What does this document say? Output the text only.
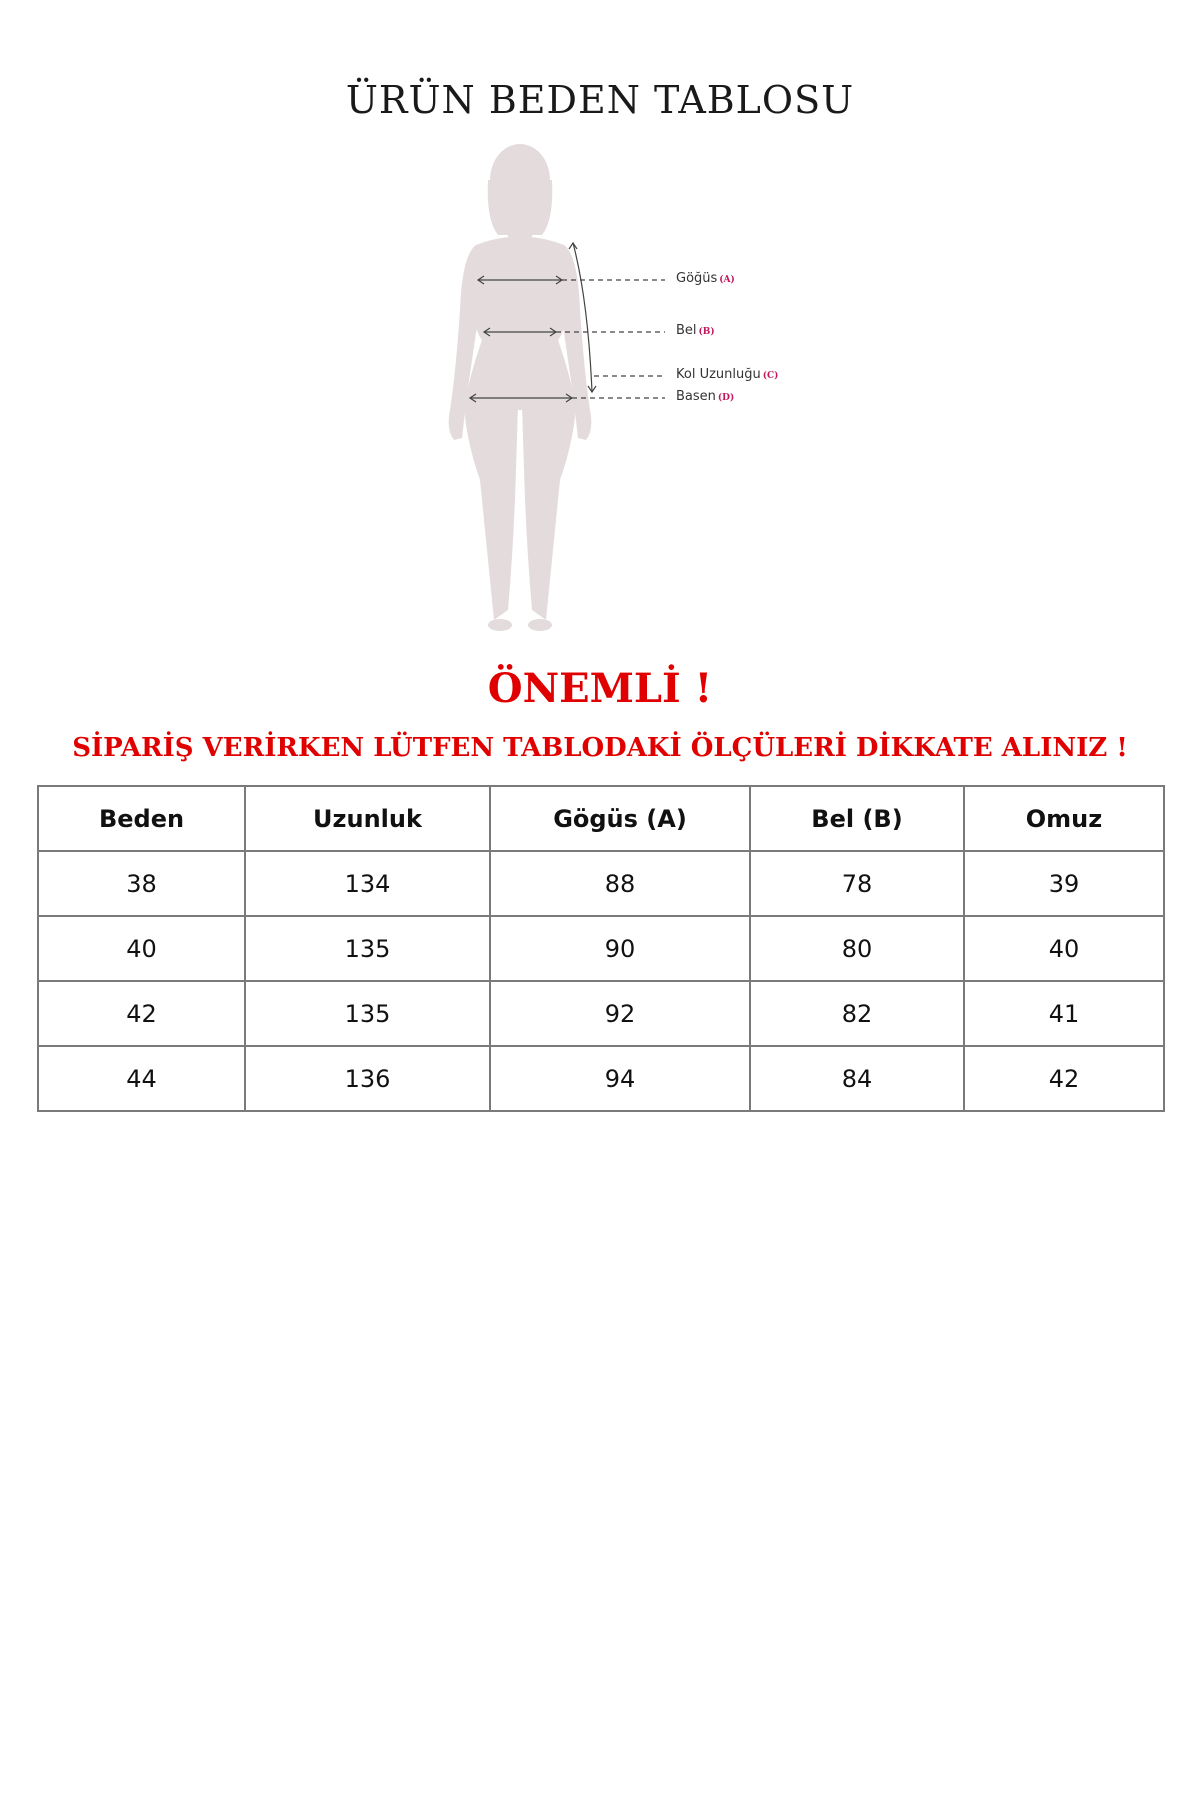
ÜRÜN BEDEN TABLOSU
Göğüs (A)
Bel (B)
Kol Uzunluğu (C)
Basen (D)
ÖNEMLİ !
SİPARİŞ VERİRKEN LÜTFEN TABLODAKİ ÖLÇÜLERİ DİKKATE ALINIZ !
Beden	Uzunluk	Gögüs (A)	Bel (B)	Omuz
38	134	88	78	39
40	135	90	80	40
42	135	92	82	41
44	136	94	84	42
